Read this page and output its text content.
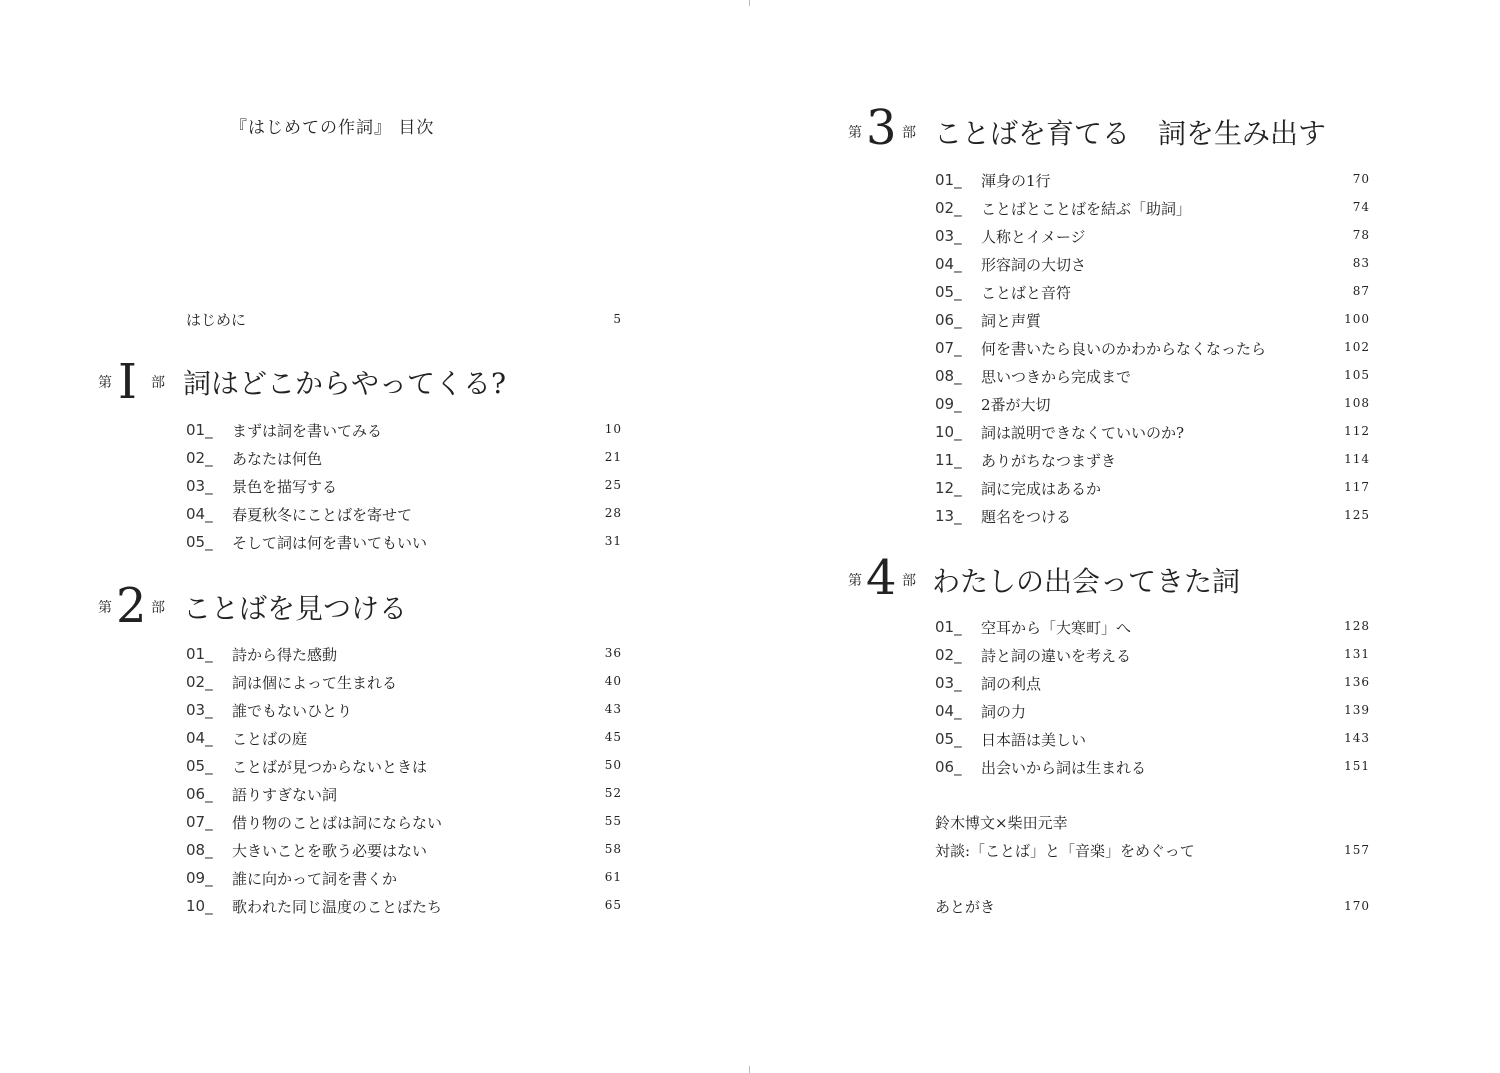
『はじめての作詞』 目次
はじめに	5
第 I 部 詞はどこからやってくる?
第 2 部 ことばを見つける
第 3 部 ことばを育てる　詞を生み出す
第 4 部 わたしの出会ってきた詞
01_ まずは詞を書いてみる	10
02_ あなたは何色	21
03_ 景色を描写する	25
04_ 春夏秋冬にことばを寄せて	28
05_ そして詞は何を書いてもいい	31
01_ 詩から得た感動	36
02_ 詞は個によって生まれる	40
03_ 誰でもないひとり	43
04_ ことばの庭	45
05_ ことばが見つからないときは	50
06_ 語りすぎない詞	52
07_ 借り物のことばは詞にならない	55
08_ 大きいことを歌う必要はない	58
09_ 誰に向かって詞を書くか	61
10_ 歌われた同じ温度のことばたち	65
01_ 渾身の1行	70
02_ ことばとことばを結ぶ「助詞」	74
03_ 人称とイメージ	78
04_ 形容詞の大切さ	83
05_ ことばと音符	87
06_ 詞と声質	100
07_ 何を書いたら良いのかわからなくなったら	102
08_ 思いつきから完成まで	105
09_ 2番が大切	108
10_ 詞は説明できなくていいのか?	112
11_ ありがちなつまずき	114
12_ 詞に完成はあるか	117
13_ 題名をつける	125
01_ 空耳から「大寒町」へ	128
02_ 詩と詞の違いを考える	131
03_ 詞の利点	136
04_ 詞の力	139
05_ 日本語は美しい	143
06_ 出会いから詞は生まれる	151
鈴木博文×柴田元幸
対談:「ことば」と「音楽」をめぐって	157
あとがき	170
